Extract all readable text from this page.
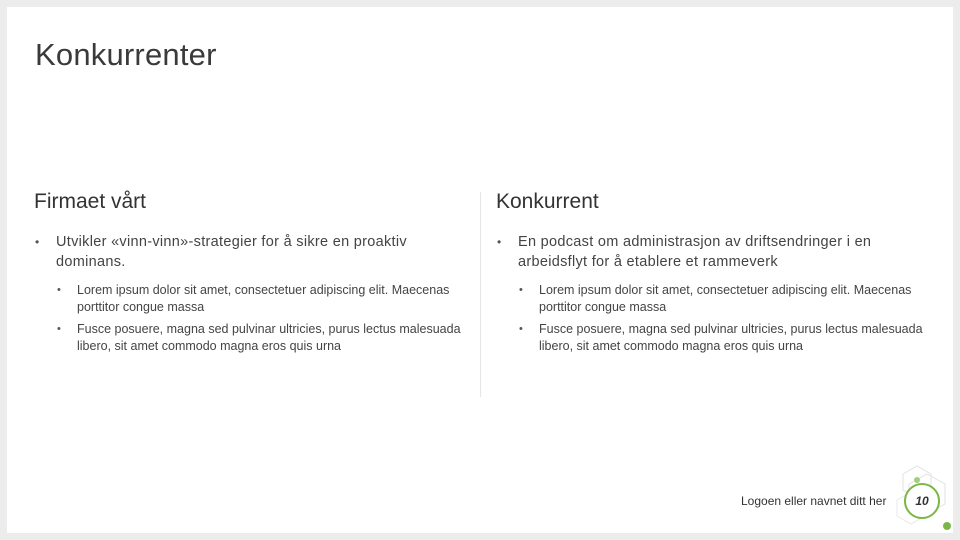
Konkurrenter
Firmaet vårt
• Utvikler «vinn-vinn»-strategier for å sikre en proaktiv dominans.
• Lorem ipsum dolor sit amet, consectetuer adipiscing elit. Maecenas porttitor congue massa
• Fusce posuere, magna sed pulvinar ultricies, purus lectus malesuada libero, sit amet commodo magna eros quis urna
Konkurrent
• En podcast om administrasjon av driftsendringer i en arbeidsflyt for å etablere et rammeverk
• Lorem ipsum dolor sit amet, consectetuer adipiscing elit. Maecenas porttitor congue massa
• Fusce posuere, magna sed pulvinar ultricies, purus lectus malesuada libero, sit amet commodo magna eros quis urna
Logoen eller navnet ditt her	10
